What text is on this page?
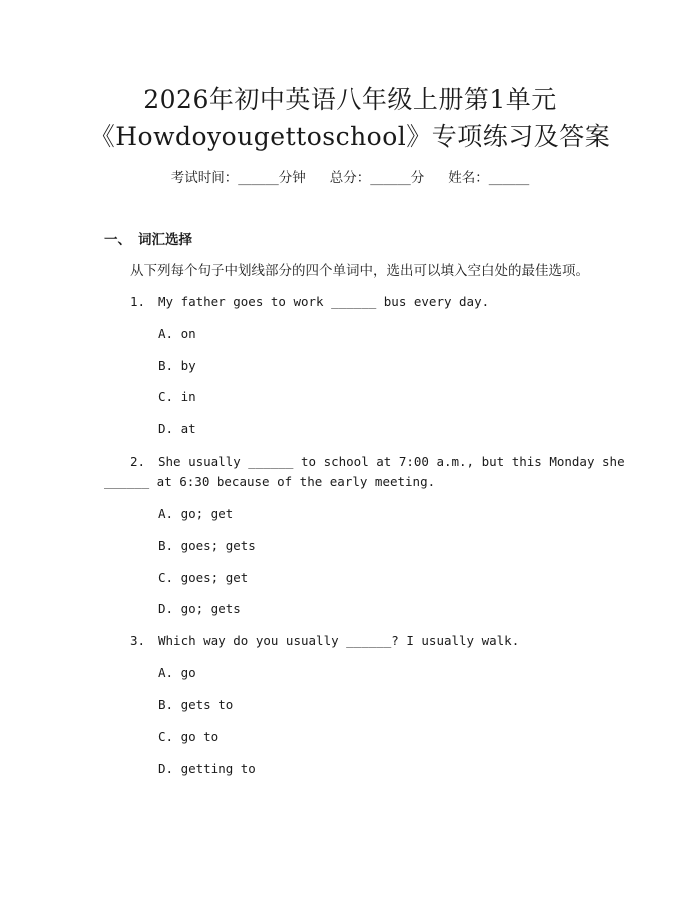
2026年初中英语八年级上册第1单元
《Howdoyougettoschool》专项练习及答案
考试时间：______分钟 总分：______分 姓名：______
一、 词汇选择
从下列每个句子中划线部分的四个单词中，选出可以填入空白处的最佳选项。
1. My father goes to work ______ bus every day.
A. on
B. by
C. in
D. at
2. She usually ______ to school at 7:00 a.m., but this Monday she
______ at 6:30 because of the early meeting.
A. go; get
B. goes; gets
C. goes; get
D. go; gets
3. Which way do you usually ______? I usually walk.
A. go
B. gets to
C. go to
D. getting to
